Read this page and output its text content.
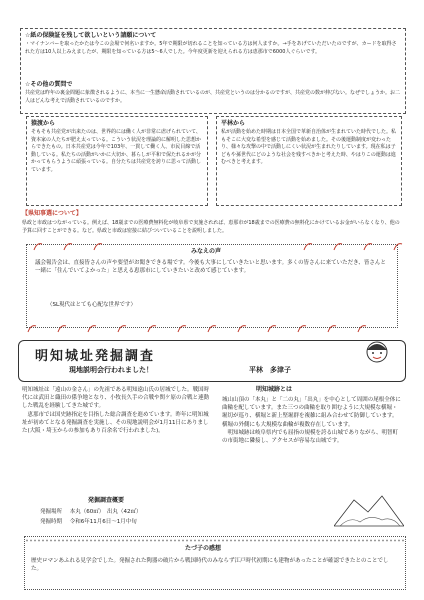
☆紙の保険証を残して欲しいという請願について
・マイナンバーを取ったかたは今この会場で何名いますか。5年で期限が切れることを知っている方は何人ますか。→手をあげていただいたのですが、カードを取得された方は10人以上みえましたが、期限を知っている方は5～6人でした。今年度更新を迎えられる方は恵那市で6000人ぐらいです。
☆その他の質問で
共産党は昨年の裏金問題に象徴されるように、本当に一生懸命活動されているのが、共産党というのは分かるのですが、共産党の数が伸びない。なぜでしょうか。お二人はどんな考えで活動されているのですか。
猿渡から
そもそも共産党が出来たのは、世界的には働く人が非常に虐げられていて、資本家の人たちが肥え太っている。こういう状況を理論的に解明した思想からできたもの。日本共産党は今年で103年、一貫して働く人、市民目線で活動している。私たちの活動がいかに大切か、暮らしが平和で保たれるかが分かってもらうように頑張っている。自分たちは共産党を誇りに思って活動しています。
平林から
私が活動を始めた時期は日本全国で革新自治体が生まれていた時代でした。私もそこに大変な希望を感じて活動を始めました。その後運動制度が変わったり、様々な攻撃の中で活動しにくい状況が生まれたりしています。現在私は子どもや孫世代にどのような社会を残すべきかと考えた時、やはりこの運動は進むべきと考えます。
【県知事選について】
県政と市政はつながっている。例えば、18歳までの医療費無料化が岐阜県で実施されれば、恵那市が18歳までの医療費の無料化にかけているお金がいらなくなり、他の予算に回すことができる。など。県政と市政は密接に結びついていることを説明しました。
みなえの声
議会報告会は、直接皆さんの声や要望がお聞きできる場です。今後も大事にしていきたいと思います。多くの皆さんに来ていただき、皆さんと一緒に「住んでいてよかった」と思える恵那市にしていきたいと改めて感じています。
（SL現代はとても心配な世界です）
明知城址発掘調査
現地説明会行われました！	平林　多津子
明知城址は「遠山の金さん」の先祖である明知遠山氏の居城でした。戦国時代には武田と織田の係争地となり、小牧長久手の合戦や関ケ原の合戦と連動した戦乱を経験してきた城です。
　恵那市では国史跡指定を目指した総合調査を進めています。昨年に明知城址が初めてとなる発掘調査を実施し、その現地説明会が1月11日にありました(大阪・埼玉からの参加もあり百余名で行われました)。
発掘調査概要
発掘場所 本丸（60㎡）　出丸（42㎡）
発掘時期 令和6年11月6日～1月中旬
明知城跡とは
城山山頂の「本丸」と「二の丸」「出丸」を中心として周囲の尾根全体に曲輪を配しています。また三つの曲輪を取り囲むように大規模な横堀・堀切が巡り、横堀と新上堅堀群を複雑に組み合わせて防御しています。横堀の外側にも大規模な曲輪が複数存在しています。
　明知城跡は岐阜県内でも屈指の規模を誇る山城でありながら、明智町の市街地に隣接し、アクセスが容易な山城です。
たづ子の感想
歴史ロマンあふれる見学会でした。発掘された陶器の破片から戦国時代のみならず江戸時代初期にも建物があったことが確認できたとのことでした。
